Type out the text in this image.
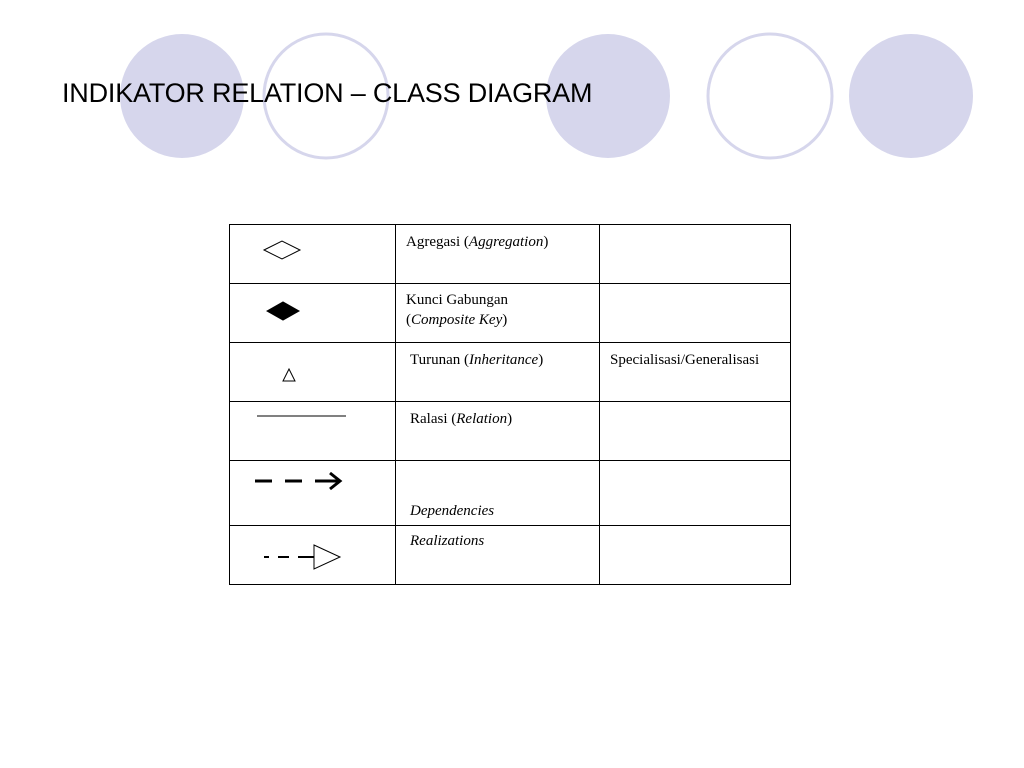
INDIKATOR RELATION – CLASS DIAGRAM

Agregasi (Aggregation)	

Kunci Gabungan
(Composite Key)	

Turunan (Inheritance)	Specialisasi/Generalisasi

Ralasi (Relation)	

Dependencies	

Realizations	
